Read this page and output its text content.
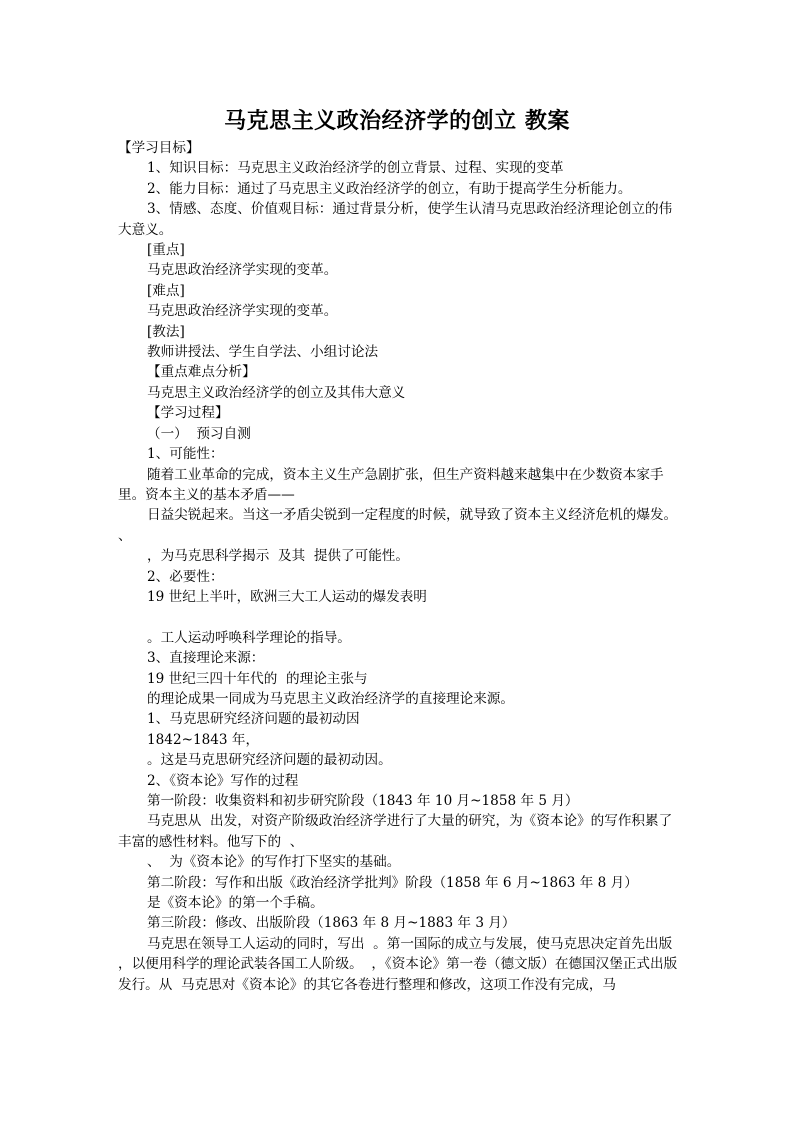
马克思主义政治经济学的创立 教案

【学习目标】

1、知识目标：马克思主义政治经济学的创立背景、过程、实现的变革

2、能力目标：通过了马克思主义政治经济学的创立，有助于提高学生分析能力。

3、情感、态度、价值观目标：通过背景分析，使学生认清马克思政治经济理论创立的伟大意义。

[重点]

马克思政治经济学实现的变革。

[难点]

马克思政治经济学实现的变革。

[教法]

教师讲授法、学生自学法、小组讨论法

【重点难点分析】

马克思主义政治经济学的创立及其伟大意义

【学习过程】

（一）  预习自测

1、可能性：

随着工业革命的完成，资本主义生产急剧扩张，但生产资料越来越集中在少数资本家手里。资本主义的基本矛盾——

日益尖锐起来。当这一矛盾尖锐到一定程度的时候，就导致了资本主义经济危机的爆发。  、

，为马克思科学揭示  及其  提供了可能性。

2、必要性：

19 世纪上半叶，欧洲三大工人运动的爆发表明

。工人运动呼唤科学理论的指导。

3、直接理论来源：

19 世纪三四十年代的  的理论主张与

的理论成果一同成为马克思主义政治经济学的直接理论来源。

1、马克思研究经济问题的最初动因

1842~1843 年，

。这是马克思研究经济问题的最初动因。

2、《资本论》写作的过程

第一阶段：收集资料和初步研究阶段（1843 年 10 月~1858 年 5 月）

马克思从  出发，对资产阶级政治经济学进行了大量的研究，为《资本论》的写作积累了丰富的感性材料。他写下的  、

、  为《资本论》的写作打下坚实的基础。

第二阶段：写作和出版《政治经济学批判》阶段（1858 年 6 月~1863 年 8 月）

是《资本论》的第一个手稿。

第三阶段：修改、出版阶段（1863 年 8 月~1883 年 3 月）

马克思在领导工人运动的同时，写出  。第一国际的成立与发展，使马克思决定首先出版  ，以便用科学的理论武装各国工人阶级。  ，《资本论》第一卷（德文版）在德国汉堡正式出版发行。从  马克思对《资本论》的其它各卷进行整理和修改，这项工作没有完成，马
